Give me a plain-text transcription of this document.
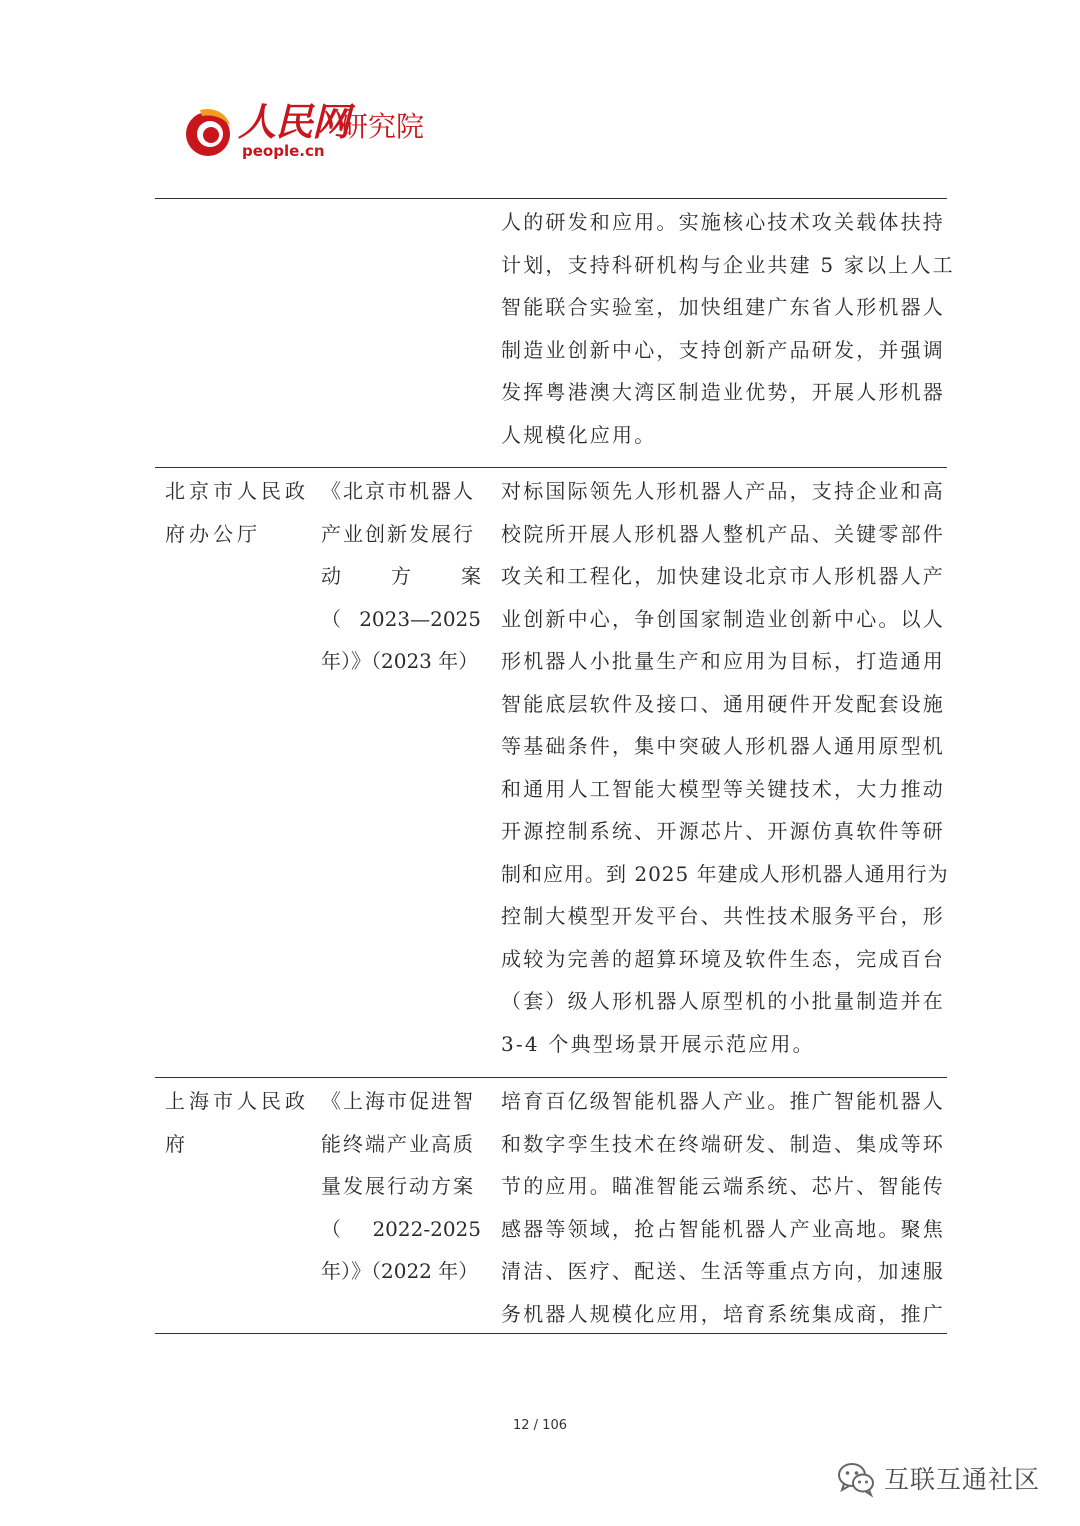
人民网
研究院
people.cn
人的研发和应用。实施核心技术攻关载体扶持
计划，支持科研机构与企业共建 5 家以上人工
智能联合实验室，加快组建广东省人形机器人
制造业创新中心，支持创新产品研发，并强调
发挥粤港澳大湾区制造业优势，开展人形机器
人规模化应用。
北京市人民政
府办公厅
《北京市机器人
产业创新发展行
动	方	案
（ 2023—2025
年）》（2023 年）
对标国际领先人形机器人产品，支持企业和高
校院所开展人形机器人整机产品、关键零部件
攻关和工程化，加快建设北京市人形机器人产
业创新中心，争创国家制造业创新中心。以人
形机器人小批量生产和应用为目标，打造通用
智能底层软件及接口、通用硬件开发配套设施
等基础条件，集中突破人形机器人通用原型机
和通用人工智能大模型等关键技术，大力推动
开源控制系统、开源芯片、开源仿真软件等研
制和应用。到 2025 年建成人形机器人通用行为
控制大模型开发平台、共性技术服务平台，形
成较为完善的超算环境及软件生态，完成百台
（套）级人形机器人原型机的小批量制造并在
3-4 个典型场景开展示范应用。
上海市人民政
府
《上海市促进智
能终端产业高质
量发展行动方案
（ 2022-2025
年）》（2022 年）
培育百亿级智能机器人产业。推广智能机器人
和数字孪生技术在终端研发、制造、集成等环
节的应用。瞄准智能云端系统、芯片、智能传
感器等领域，抢占智能机器人产业高地。聚焦
清洁、医疗、配送、生活等重点方向，加速服
务机器人规模化应用，培育系统集成商，推广
12 / 106
互联互通社区
